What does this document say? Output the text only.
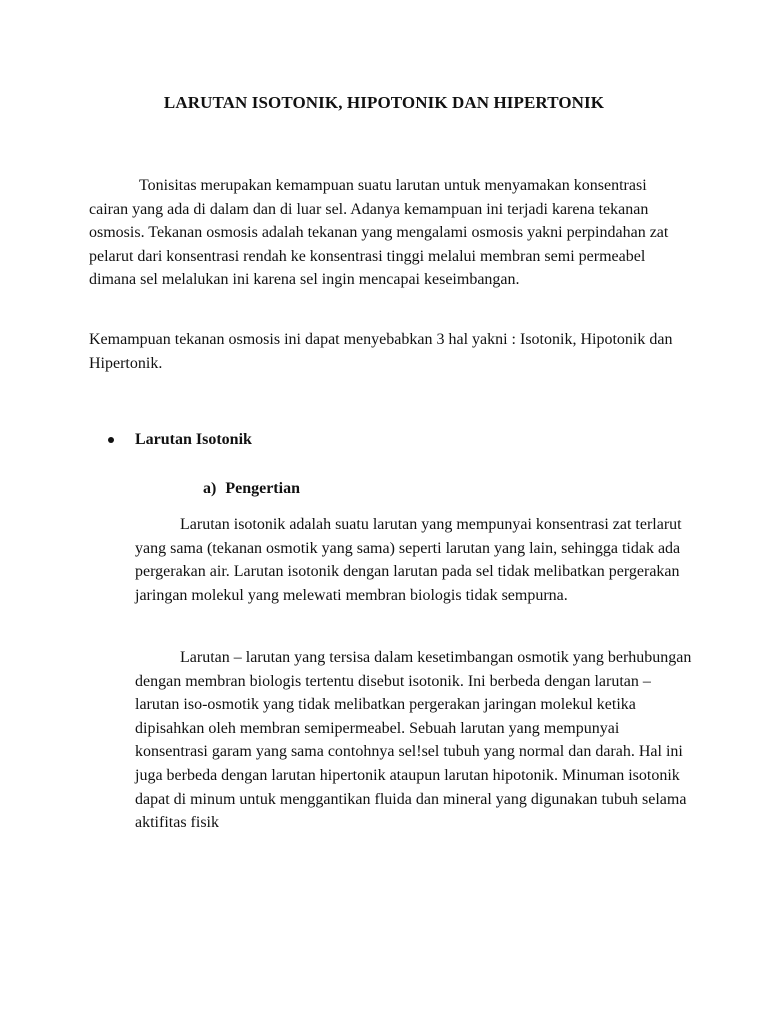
LARUTAN ISOTONIK, HIPOTONIK DAN HIPERTONIK

Tonisitas merupakan kemampuan suatu larutan untuk menyamakan konsentrasi cairan yang ada di dalam dan di luar sel. Adanya kemampuan ini terjadi karena tekanan osmosis. Tekanan osmosis adalah tekanan yang mengalami osmosis yakni perpindahan zat pelarut dari konsentrasi rendah ke konsentrasi tinggi melalui membran semi permeabel dimana sel melalukan ini karena sel ingin mencapai keseimbangan.

Kemampuan tekanan osmosis ini dapat menyebabkan 3 hal yakni : Isotonik, Hipotonik dan Hipertonik.

Larutan Isotonik
a) Pengertian

Larutan isotonik adalah suatu larutan yang mempunyai konsentrasi zat terlarut yang sama (tekanan osmotik yang sama) seperti larutan yang lain, sehingga tidak ada pergerakan air. Larutan isotonik dengan larutan pada sel tidak melibatkan pergerakan jaringan molekul yang melewati membran biologis tidak sempurna.

Larutan – larutan yang tersisa dalam kesetimbangan osmotik yang berhubungan dengan membran biologis tertentu disebut isotonik. Ini berbeda dengan larutan – larutan iso-osmotik yang tidak melibatkan pergerakan jaringan molekul ketika dipisahkan oleh membran semipermeabel. Sebuah larutan yang mempunyai konsentrasi garam yang sama contohnya sel!sel tubuh yang normal dan darah. Hal ini juga berbeda dengan larutan hipertonik ataupun larutan hipotonik. Minuman isotonik dapat di minum untuk menggantikan fluida dan mineral yang digunakan tubuh selama aktifitas fisik
